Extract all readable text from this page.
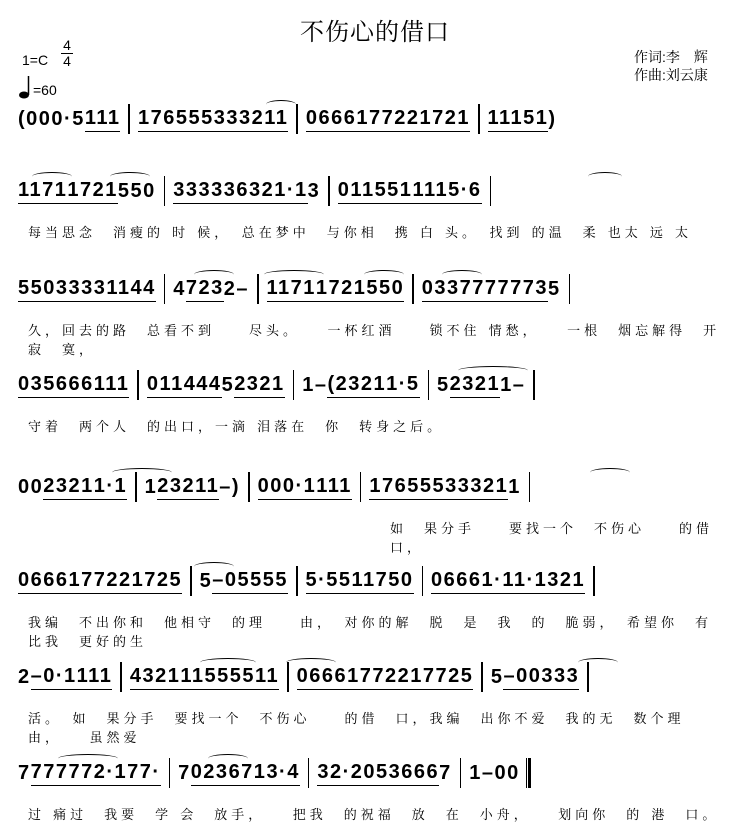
不伤心的借口
1=C
4
4
=60
作词:李　辉
作曲:刘云康
(000·5 111 1765 553 33211 066 6177 221 721 11151 )
1171 1721 5 5 0 3333 3632 1·1 3 011 551 111 5·6
每当思念　消瘦的 时 候，　总在梦中　与你相　携 白 头。　找到 的温　柔 也太 远 太
550 3333 1144 4 723 2 – 1171 1721 550 033 7777 773 5
久，回去的路　总看不到　　尽头。　　一杯红酒　　锁不住 情愁，　　一根　烟忘解得　开寂　寞，
035 666 111 011 444 5 2321 1 – (2321 1·5 5 2321 1 –
守着　两个人　的出口，一滴 泪落在　你　转身之后。
00 2321 1·1 1 23211 – ) 000·1 111 1765 553 3321 1
如　果分手　　要找一个　不伤心　　的借　　口，
066 6177 221 725 5 –05555 5·5 511 750 0666 1·11·1321
我编　不出你和　他相守　的理　　由，　对你的解　脱　是　我　的　脆弱，　希望你　有　比我　更好的生
2 –0·1 111 4321 115 55511 066 6177 221 7725 5 –00333
活。　如　果分手　要找一个　不伤心　　的借　口，我编　出你不爱　我的无　数个理　　由，　　虽然爱
7 77 777 2·1 77· 7 023 671 3·4 32·20 536 66 7 1 – 00
过 痛过　我要　学 会　放手，　　把我　的祝福　放　在　小舟，　　划向你　的 港　口。
